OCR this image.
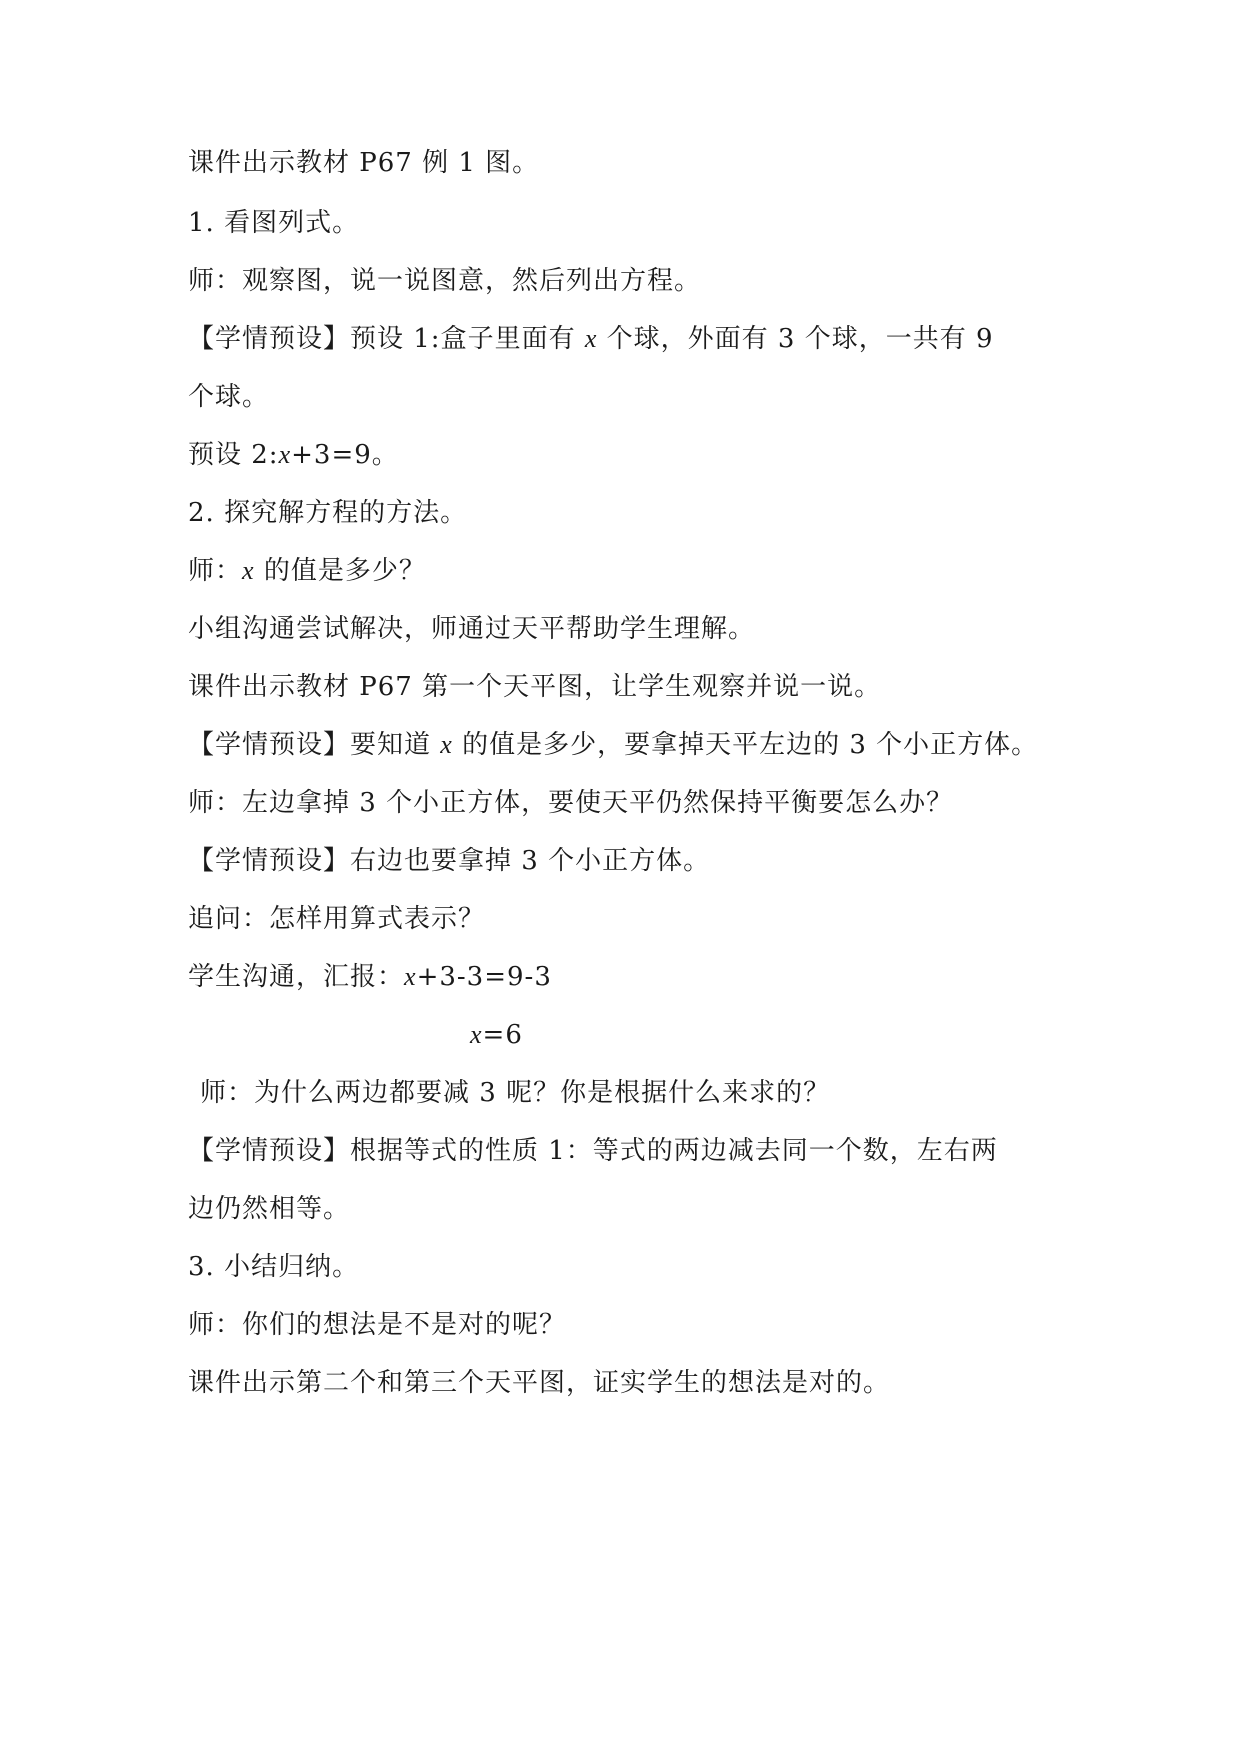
课件出示教材 P67 例 1 图。
1. 看图列式。
师：观察图，说一说图意，然后列出方程。
【学情预设】预设 1:盒子里面有 x 个球，外面有 3 个球，一共有 9
个球。
预设 2:x+3=9。
2. 探究解方程的方法。
师：x 的值是多少？
小组沟通尝试解决，师通过天平帮助学生理解。
课件出示教材 P67 第一个天平图，让学生观察并说一说。
【学情预设】要知道 x 的值是多少，要拿掉天平左边的 3 个小正方体。
师：左边拿掉 3 个小正方体，要使天平仍然保持平衡要怎么办？
【学情预设】右边也要拿掉 3 个小正方体。
追问：怎样用算式表示？
学生沟通，汇报：x+3-3=9-3
x=6
师：为什么两边都要减 3 呢？你是根据什么来求的？
【学情预设】根据等式的性质 1：等式的两边减去同一个数，左右两
边仍然相等。
3. 小结归纳。
师：你们的想法是不是对的呢？
课件出示第二个和第三个天平图，证实学生的想法是对的。
